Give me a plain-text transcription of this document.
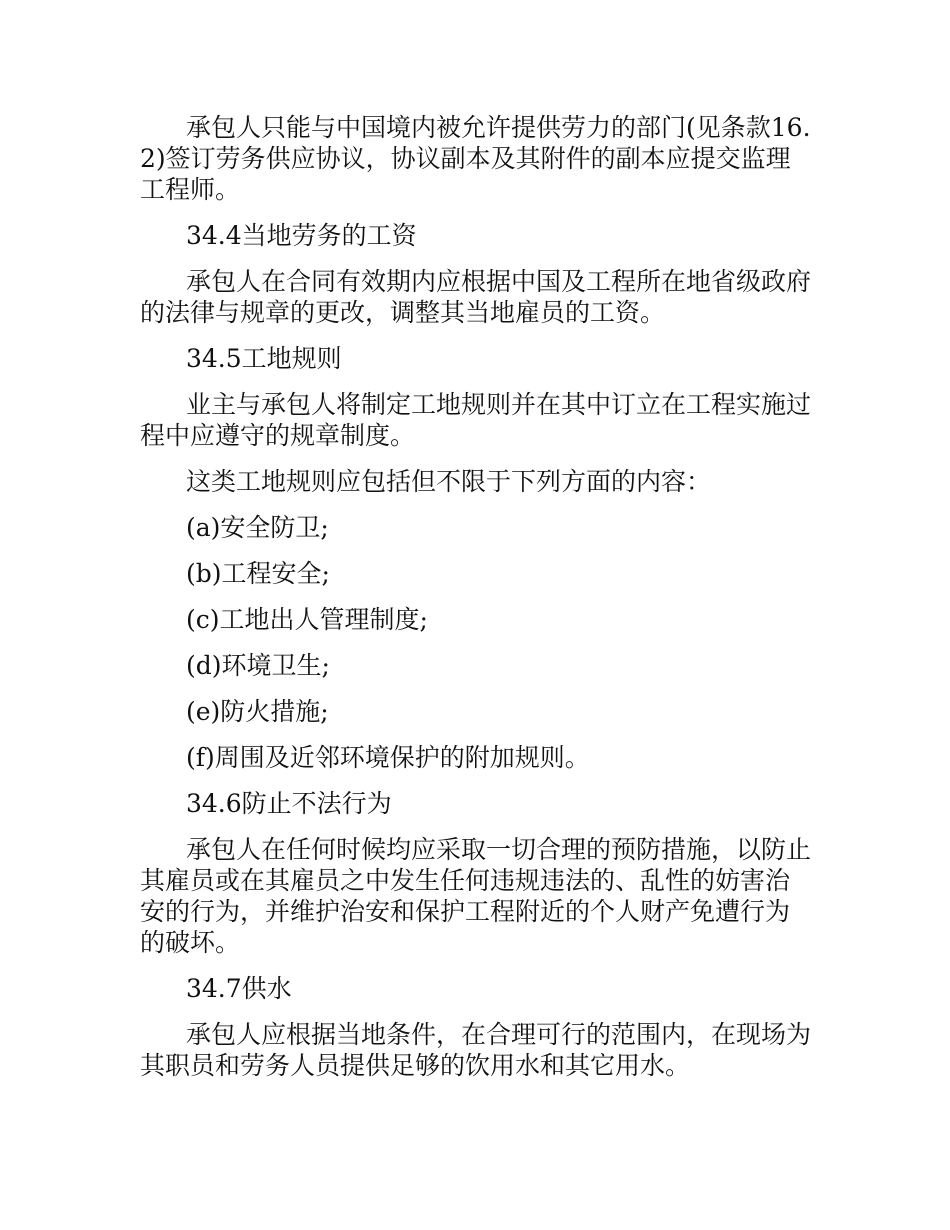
承包人只能与中国境内被允许提供劳力的部门(见条款16.2)签订劳务供应协议，协议副本及其附件的副本应提交监理工程师。

34.4当地劳务的工资

承包人在合同有效期内应根据中国及工程所在地省级政府的法律与规章的更改，调整其当地雇员的工资。

34.5工地规则

业主与承包人将制定工地规则并在其中订立在工程实施过程中应遵守的规章制度。

这类工地规则应包括但不限于下列方面的内容：

(a)安全防卫;

(b)工程安全;

(c)工地出人管理制度;

(d)环境卫生;

(e)防火措施;

(f)周围及近邻环境保护的附加规则。

34.6防止不法行为

承包人在任何时候均应采取一切合理的预防措施，以防止其雇员或在其雇员之中发生任何违规违法的、乱性的妨害治安的行为，并维护治安和保护工程附近的个人财产免遭行为的破坏。

34.7供水

承包人应根据当地条件，在合理可行的范围内，在现场为其职员和劳务人员提供足够的饮用水和其它用水。
